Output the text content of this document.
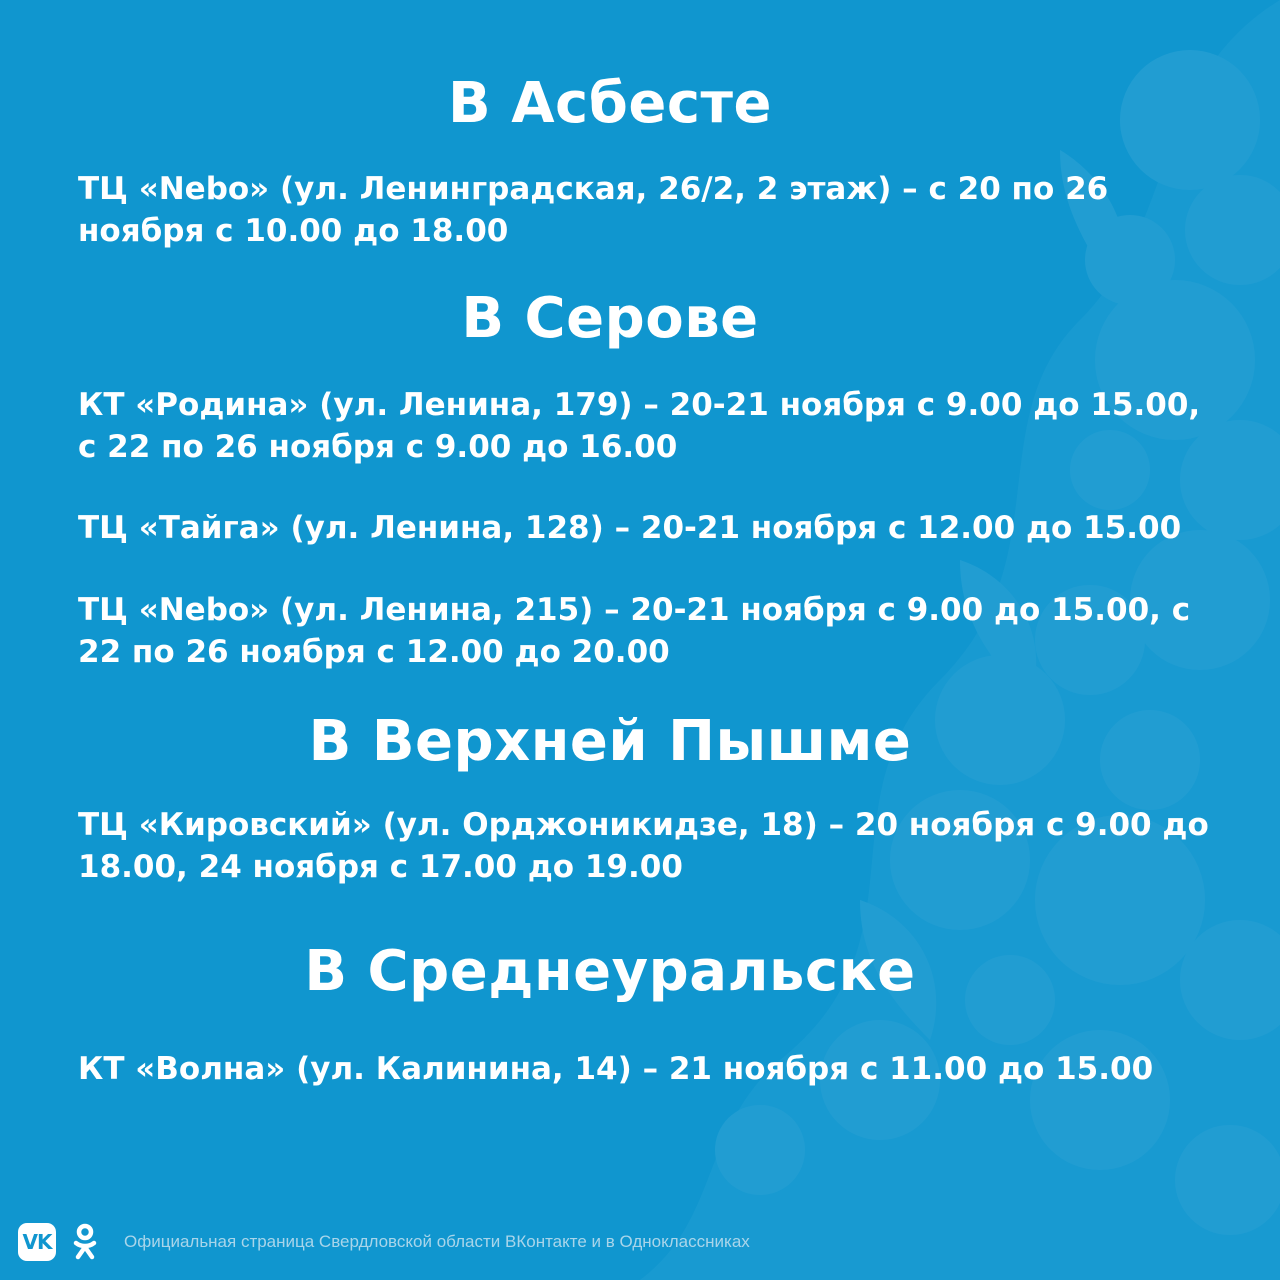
В Асбесте

ТЦ «Nebo» (ул. Ленинградская, 26/2, 2 этаж) – с 20 по 26 ноября с 10.00 до 18.00

В Серове

КТ «Родина» (ул. Ленина, 179) – 20-21 ноября с 9.00 до 15.00, с 22 по 26 ноября с 9.00 до 16.00

ТЦ «Тайга» (ул. Ленина, 128) – 20-21 ноября с 12.00 до 15.00

ТЦ «Nebo» (ул. Ленина, 215) – 20-21 ноября с 9.00 до 15.00, с 22 по 26 ноября с 12.00 до 20.00

В Верхней Пышме

ТЦ «Кировский» (ул. Орджоникидзе, 18) – 20 ноября с 9.00 до 18.00, 24 ноября с 17.00 до 19.00

В Среднеуральске

КТ «Волна» (ул. Калинина, 14) – 21 ноября с 11.00 до 15.00

VK	Официальная страница Свердловской области ВКонтакте и в Одноклассниках
